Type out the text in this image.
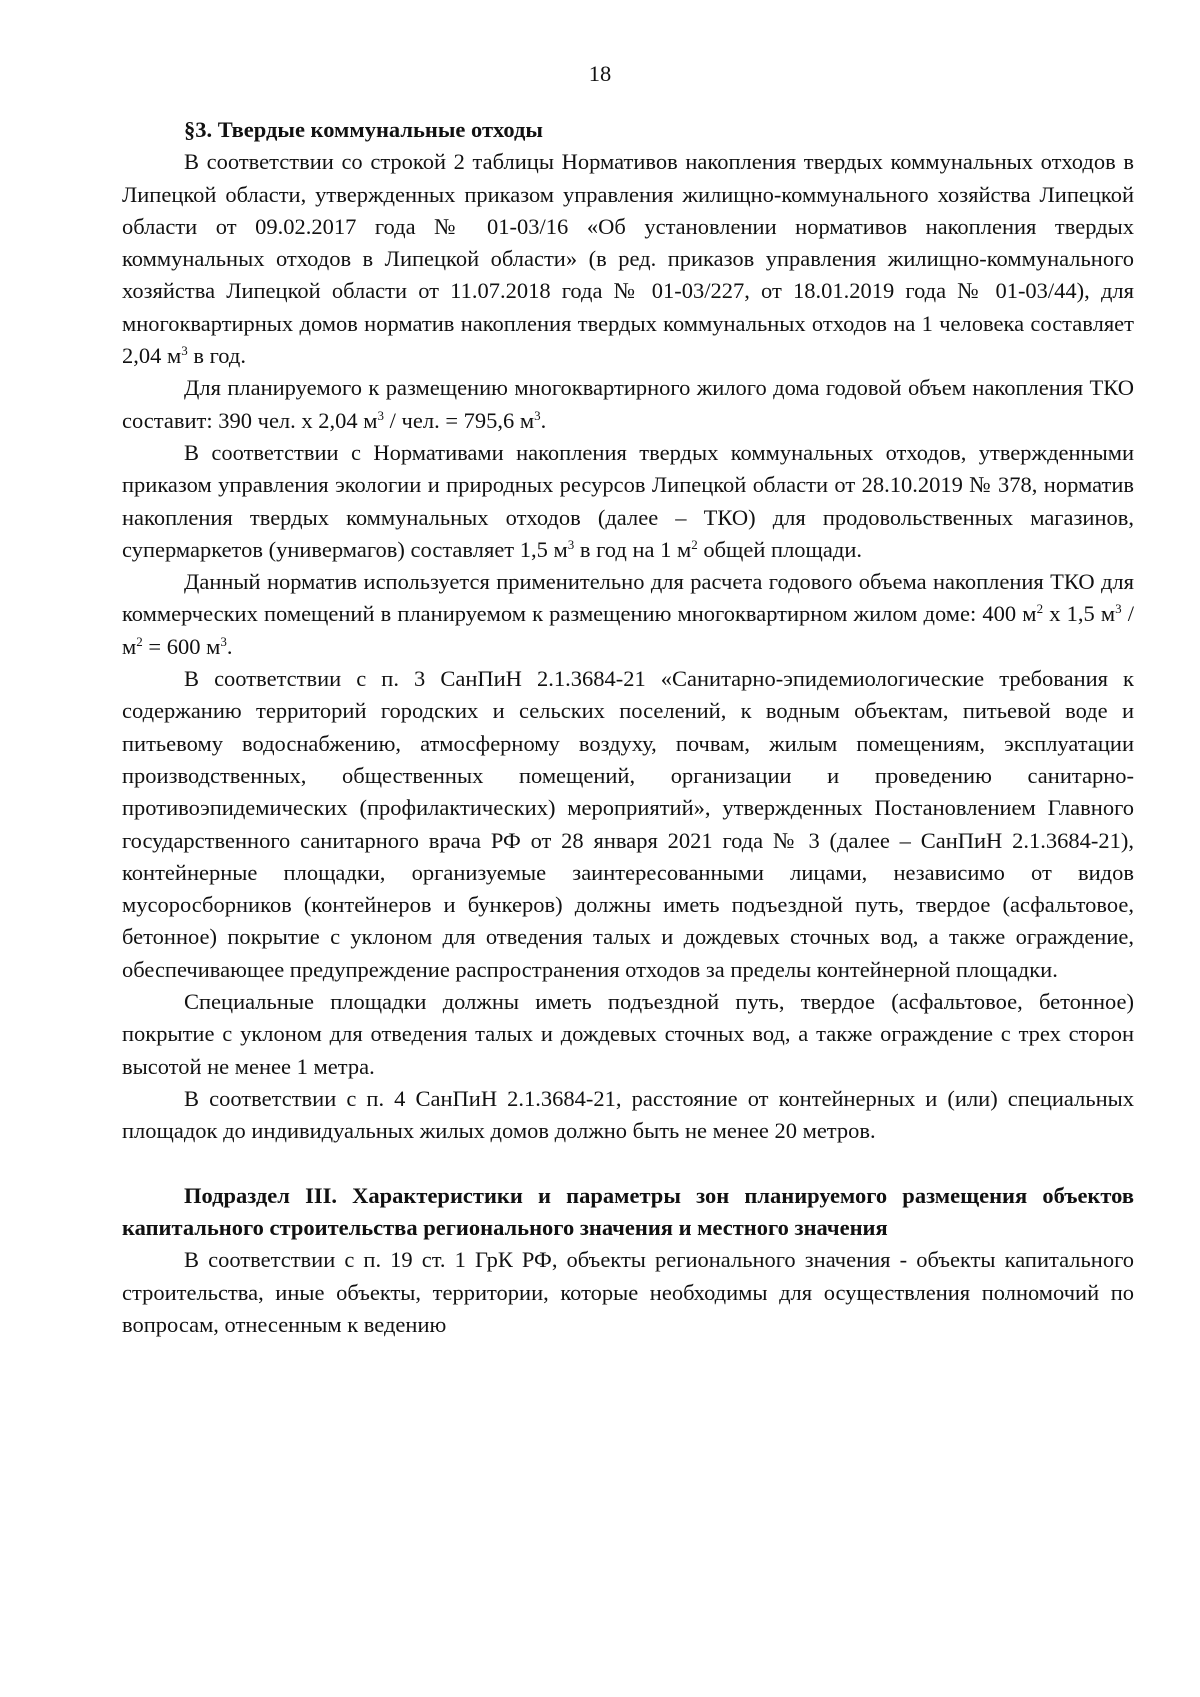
18
§3. Твердые коммунальные отходы

В соответствии со строкой 2 таблицы Нормативов накопления твердых коммунальных отходов в Липецкой области, утвержденных приказом управления жилищно-коммунального хозяйства Липецкой области от 09.02.2017 года № 01-03/16 «Об установлении нормативов накопления твердых коммунальных отходов в Липецкой области» (в ред. приказов управления жилищно-коммунального хозяйства Липецкой области от 11.07.2018 года № 01-03/227, от 18.01.2019 года № 01-03/44), для многоквартирных домов норматив накопления твердых коммунальных отходов на 1 человека составляет 2,04 $м^3$ в год.

Для планируемого к размещению многоквартирного жилого дома годовой объем накопления ТКО составит: 390 чел. х 2,04 $м^3$ / чел. = 795,6 $м^3$.

В соответствии с Нормативами накопления твердых коммунальных отходов, утвержденными приказом управления экологии и природных ресурсов Липецкой области от 28.10.2019 № 378, норматив накопления твердых коммунальных отходов (далее – ТКО) для продовольственных магазинов, супермаркетов (универмагов) составляет 1,5 $м^3$ в год на 1 $м^2$ общей площади.

Данный норматив используется применительно для расчета годового объема накопления ТКО для коммерческих помещений в планируемом к размещению многоквартирном жилом доме: 400 $м^2$ х 1,5 $м^3 / м^2 = 600$ $м^3$.

В соответствии с п. 3 СанПиН 2.1.3684-21 «Санитарно-эпидемиологические требования к содержанию территорий городских и сельских поселений, к водным объектам, питьевой воде и питьевому водоснабжению, атмосферному воздуху, почвам, жилым помещениям, эксплуатации производственных, общественных помещений, организации и проведению санитарно-противоэпидемических (профилактических) мероприятий», утвержденных Постановлением Главного государственного санитарного врача РФ от 28 января 2021 года № 3 (далее – СанПиН 2.1.3684-21), контейнерные площадки, организуемые заинтересованными лицами, независимо от видов мусоросборников (контейнеров и бункеров) должны иметь подъездной путь, твердое (асфальтовое, бетонное) покрытие с уклоном для отведения талых и дождевых сточных вод, а также ограждение, обеспечивающее предупреждение распространения отходов за пределы контейнерной площадки.

Специальные площадки должны иметь подъездной путь, твердое (асфальтовое, бетонное) покрытие с уклоном для отведения талых и дождевых сточных вод, а также ограждение с трех сторон высотой не менее 1 метра.

В соответствии с п. 4 СанПиН 2.1.3684-21, расстояние от контейнерных и (или) специальных площадок до индивидуальных жилых домов должно быть не менее 20 метров.

Подраздел III. Характеристики и параметры зон планируемого размещения объектов капитального строительства регионального значения и местного значения

В соответствии с п. 19 ст. 1 ГрК РФ, объекты регионального значения - объекты капитального строительства, иные объекты, территории, которые необходимы для осуществления полномочий по вопросам, отнесенным к ведению
